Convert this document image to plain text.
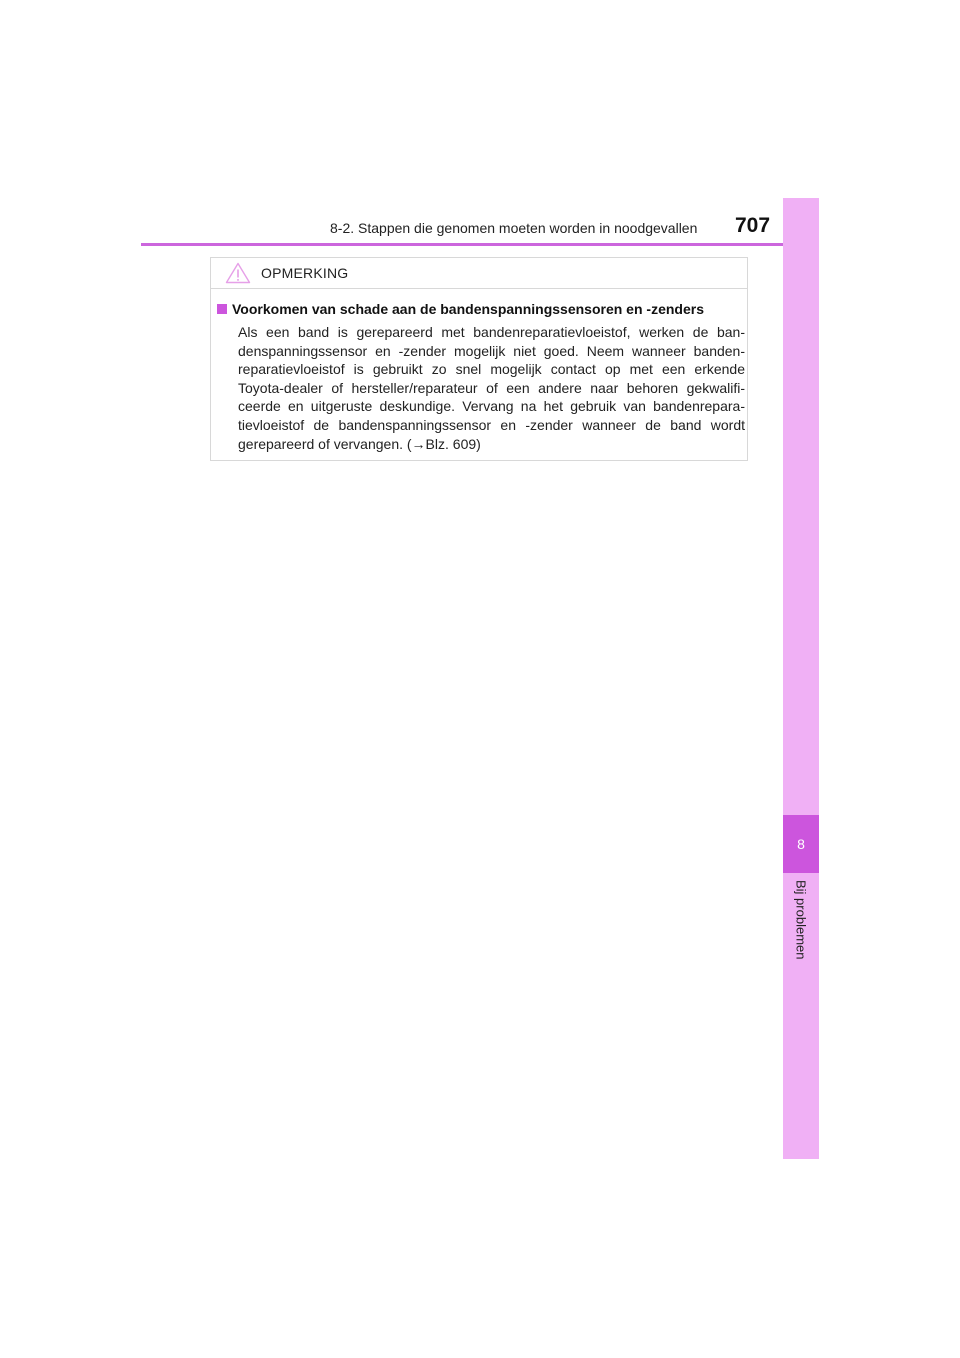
8-2. Stappen die genomen moeten worden in noodgevallen 707
8
Bij problemen
OPMERKING
Voorkomen van schade aan de bandenspanningssensoren en -zenders
Als een band is gerepareerd met bandenreparatievloeistof, werken de ban-
denspanningssensor en -zender mogelijk niet goed. Neem wanneer banden-
reparatievloeistof is gebruikt zo snel mogelijk contact op met een erkende
Toyota-dealer of hersteller/reparateur of een andere naar behoren gekwalifi-
ceerde en uitgeruste deskundige. Vervang na het gebruik van bandenrepara-
tievloeistof de bandenspanningssensor en -zender wanneer de band wordt
gerepareerd of vervangen. (→Blz. 609)
